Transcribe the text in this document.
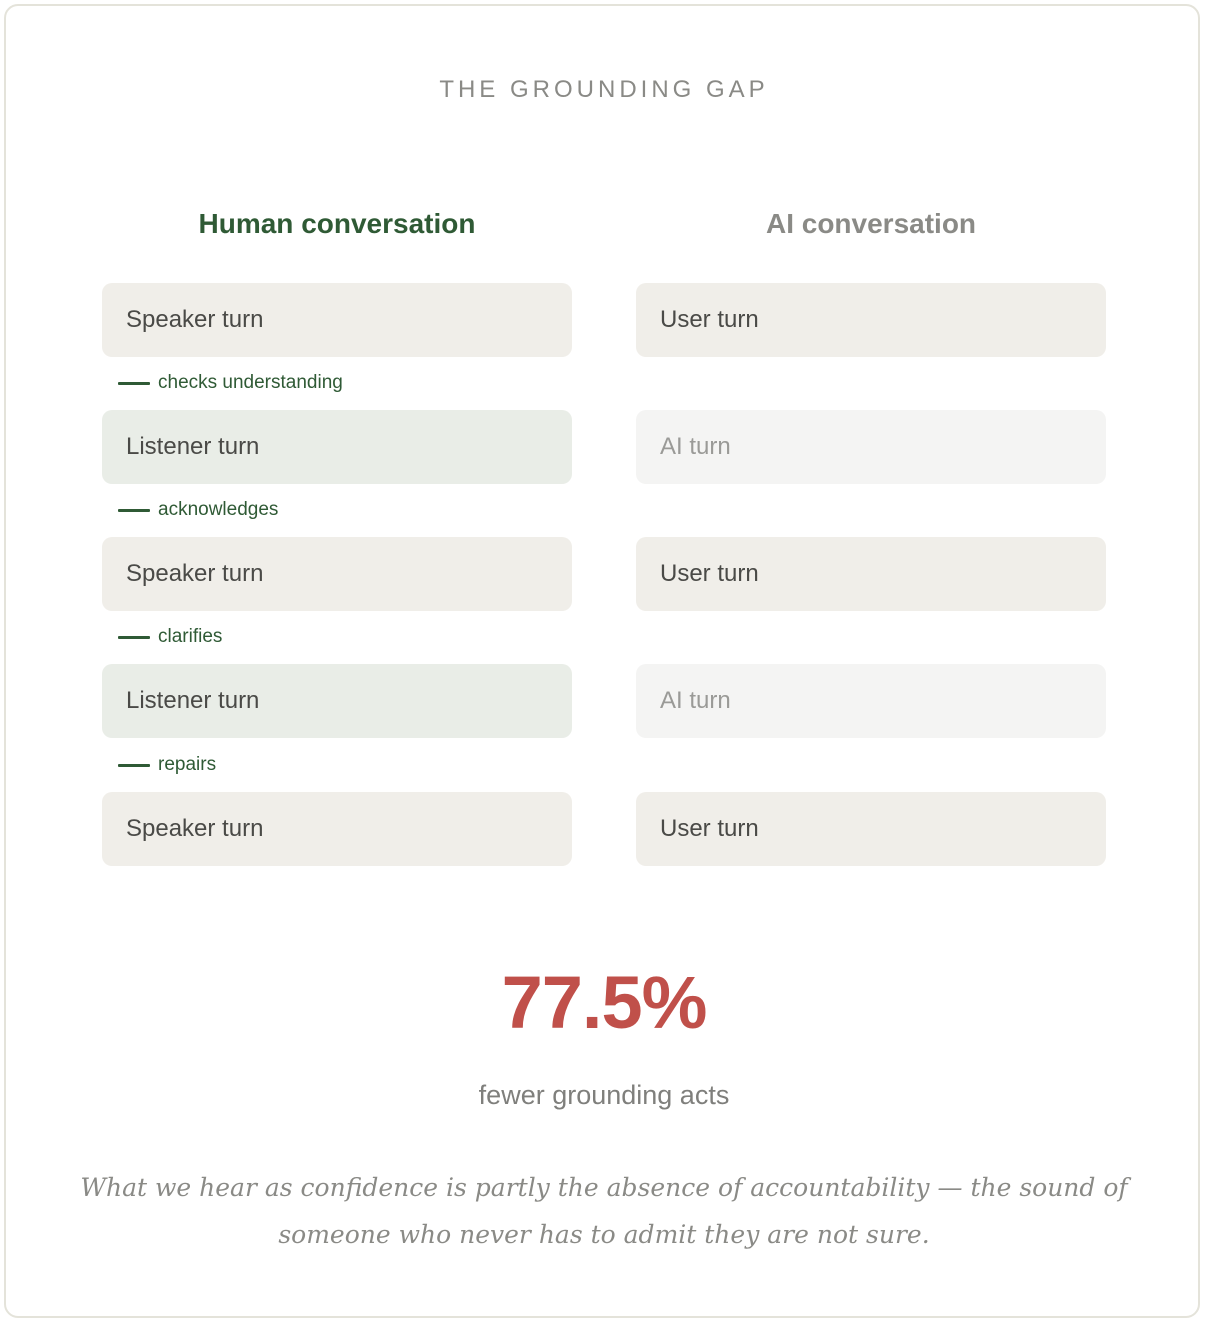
THE GROUNDING GAP
Human conversation	AI conversation
Speaker turn
checks understanding
Listener turn
acknowledges
Speaker turn
clarifies
Listener turn
repairs
Speaker turn
User turn
AI turn
User turn
AI turn
User turn
77.5%
fewer grounding acts
What we hear as confidence is partly the absence of accountability — the sound of someone who never has to admit they are not sure.
